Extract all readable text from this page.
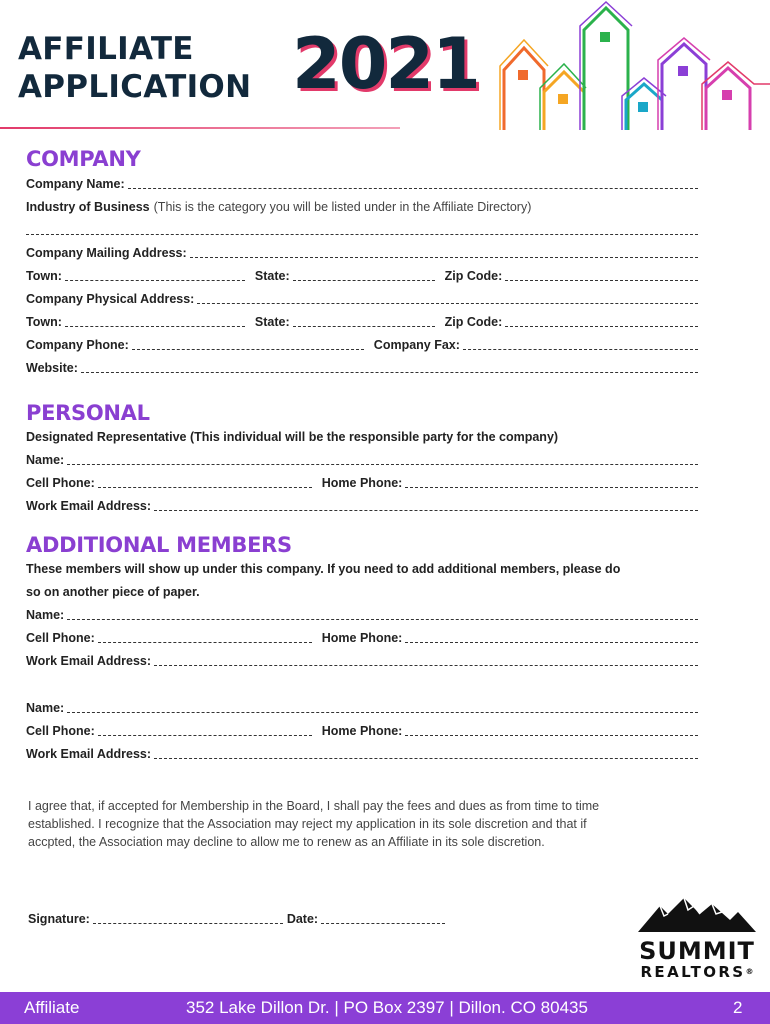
AFFILIATE
APPLICATION 2021
COMPANY
Company Name:
Industry of Business (This is the category you will be listed under in the Affiliate Directory)
Company Mailing Address:
Town:	State:	Zip Code:
Company Physical Address:
Town:	State:	Zip Code:
Company Phone:	Company Fax:
Website:
PERSONAL
Designated Representative (This individual will be the responsible party for the company)
Name:
Cell Phone:	Home Phone:
Work Email Address:
ADDITIONAL MEMBERS
These members will show up under this company. If you need to add additional members, please do
so on another piece of paper.
Name:
Cell Phone:	Home Phone:
Work Email Address:
Name:
Cell Phone:	Home Phone:
Work Email Address:
I agree that, if accepted for Membership in the Board, I shall pay the fees and dues as from time to time
established. I recognize that the Association may reject my application in its sole discretion and that if
accpted, the Association may decline to allow me to renew as an Affiliate in its sole discretion.
Signature:	Date:
SUMMIT
REALTORS®
Affiliate	352 Lake Dillon Dr. | PO Box 2397 | Dillon. CO 80435	2
